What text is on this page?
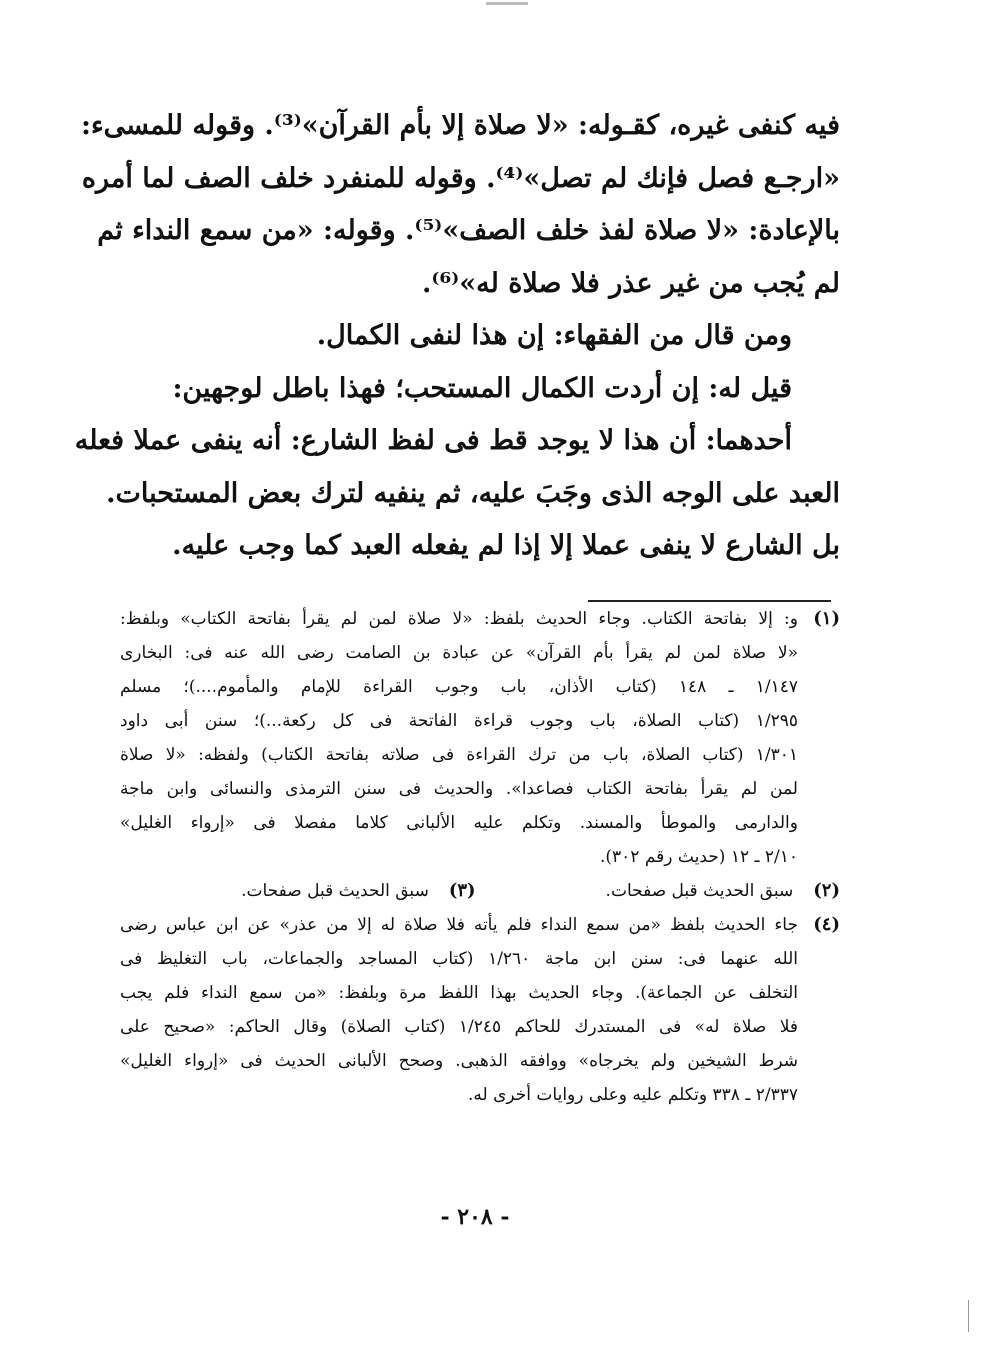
فيه كنفى غيره، كقـوله: «لا صلاة إلا بأم القرآن»⁽³⁾. وقوله للمسىء:
«ارجـع فصل فإنك لم تصل»⁽⁴⁾. وقوله للمنفرد خلف الصف لما أمره
بالإعادة: «لا صلاة لفذ خلف الصف»⁽⁵⁾. وقوله: «من سمع النداء ثم
لم يُجب من غير عذر فلا صلاة له»⁽⁶⁾.
ومن قال من الفقهاء: إن هذا لنفى الكمال.
قيل له: إن أردت الكمال المستحب؛ فهذا باطل لوجهين:
أحدهما: أن هذا لا يوجد قط فى لفظ الشارع: أنه ينفى عملا فعله
العبد على الوجه الذى وجَبَ عليه، ثم ينفيه لترك بعض المستحبات.
بل الشارع لا ينفى عملا إلا إذا لم يفعله العبد كما وجب عليه.
(١)
و: إلا بفاتحة الكتاب. وجاء الحديث بلفظ: «لا صلاة لمن لم يقرأ بفاتحة الكتاب» وبلفظ:
«لا صلاة لمن لم يقرأ بأم القرآن» عن عبادة بن الصامت رضى الله عنه فى: البخارى
١/١٤٧ ـ ١٤٨ (كتاب الأذان، باب وجوب القراءة للإمام والمأموم....)؛ مسلم
١/٢٩٥ (كتاب الصلاة، باب وجوب قراءة الفاتحة فى كل ركعة...)؛ سنن أبى داود
١/٣٠١ (كتاب الصلاة، باب من ترك القراءة فى صلاته بفاتحة الكتاب) ولفظه: «لا صلاة
لمن لم يقرأ بفاتحة الكتاب فصاعدا». والحديث فى سنن الترمذى والنسائى وابن ماجة
والدارمى والموطأ والمسند. وتكلم عليه الألبانى كلاما مفصلا فى «إرواء الغليل»
٢/١٠ ـ ١٢ (حديث رقم ٣٠٢).
(٢)
سبق الحديث قبل صفحات.
(٣)
سبق الحديث قبل صفحات.
(٤)
جاء الحديث بلفظ «من سمع النداء فلم يأته فلا صلاة له إلا من عذر» عن ابن عباس رضى
الله عنهما فى: سنن ابن ماجة ١/٢٦٠ (كتاب المساجد والجماعات، باب التغليظ فى
التخلف عن الجماعة). وجاء الحديث بهذا اللفظ مرة وبلفظ: «من سمع النداء فلم يجب
فلا صلاة له» فى المستدرك للحاكم ١/٢٤٥ (كتاب الصلاة) وقال الحاكم: «صحيح على
شرط الشيخين ولم يخرجاه» ووافقه الذهبى. وصحح الألبانى الحديث فى «إرواء الغليل»
٢/٣٣٧ ـ ٣٣٨ وتكلم عليه وعلى روايات أخرى له.
- ٢٠٨ -
